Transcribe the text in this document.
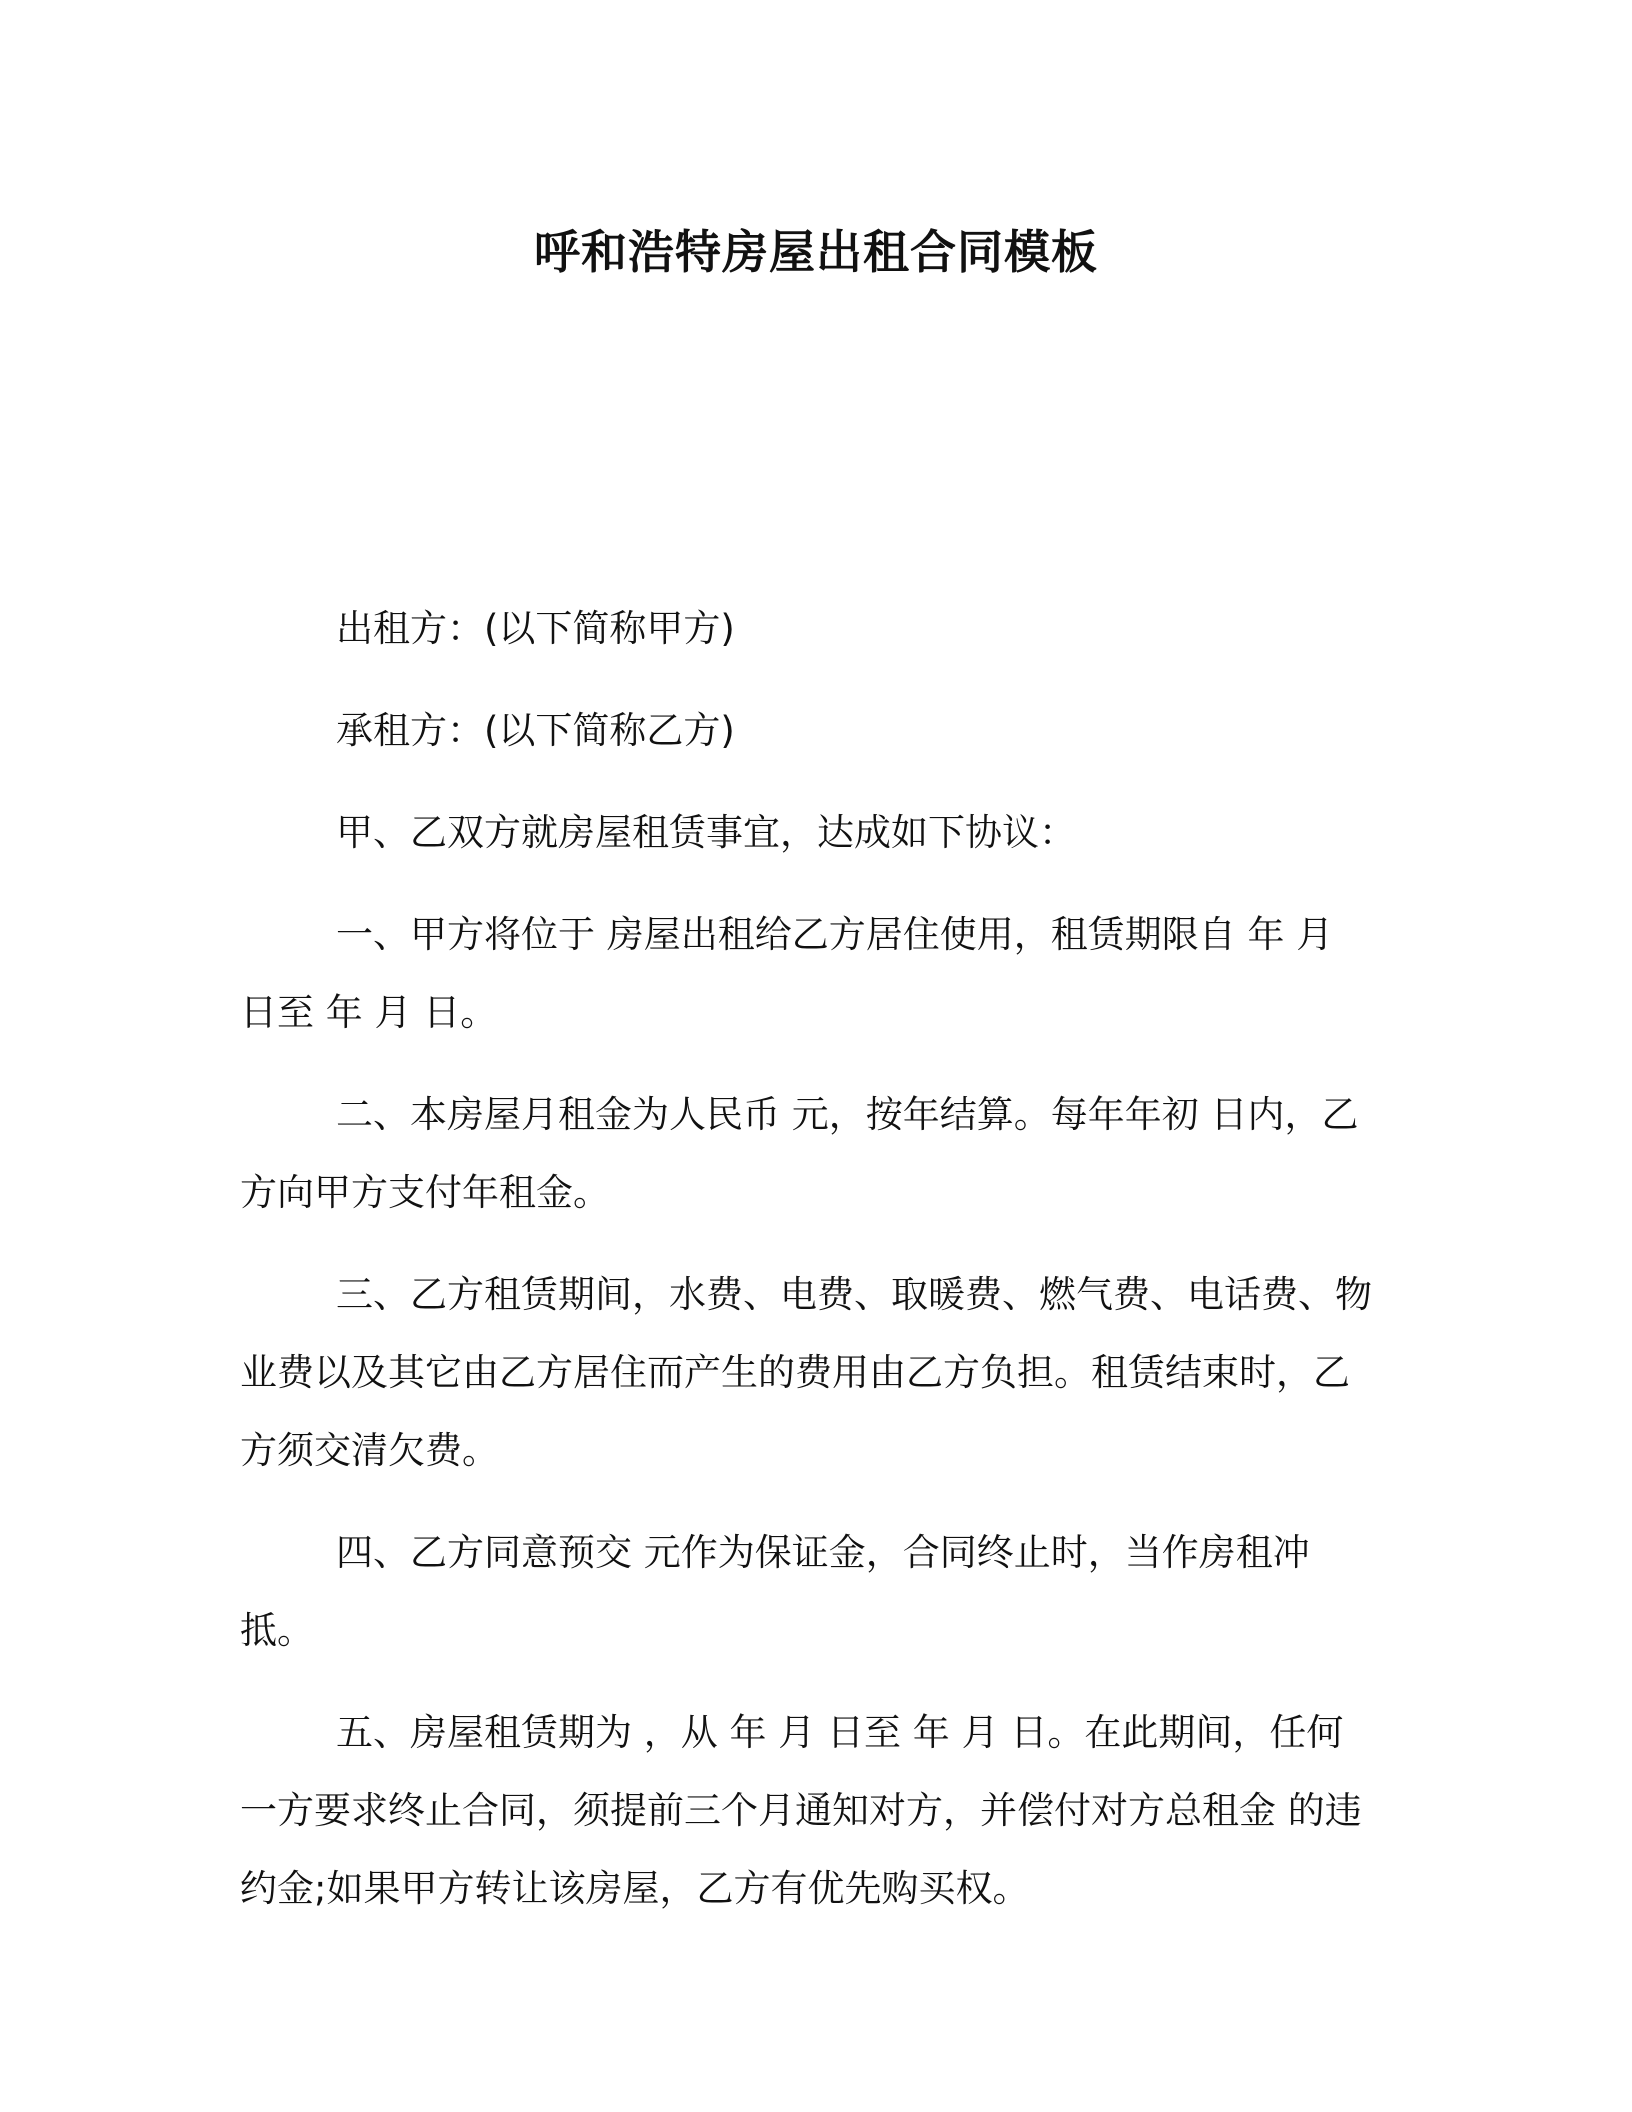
呼和浩特房屋出租合同模板

出租方：(以下简称甲方)

承租方：(以下简称乙方)

甲、乙双方就房屋租赁事宜，达成如下协议：

一、甲方将位于 房屋出租给乙方居住使用，租赁期限自 年 月 日至 年 月 日。

二、本房屋月租金为人民币 元，按年结算。每年年初 日内，乙方向甲方支付年租金。

三、乙方租赁期间，水费、电费、取暖费、燃气费、电话费、物业费以及其它由乙方居住而产生的费用由乙方负担。租赁结束时，乙方须交清欠费。

四、乙方同意预交 元作为保证金，合同终止时，当作房租冲抵。

五、房屋租赁期为 ，从 年 月 日至 年 月 日。在此期间，任何一方要求终止合同，须提前三个月通知对方，并偿付对方总租金 的违约金;如果甲方转让该房屋，乙方有优先购买权。
